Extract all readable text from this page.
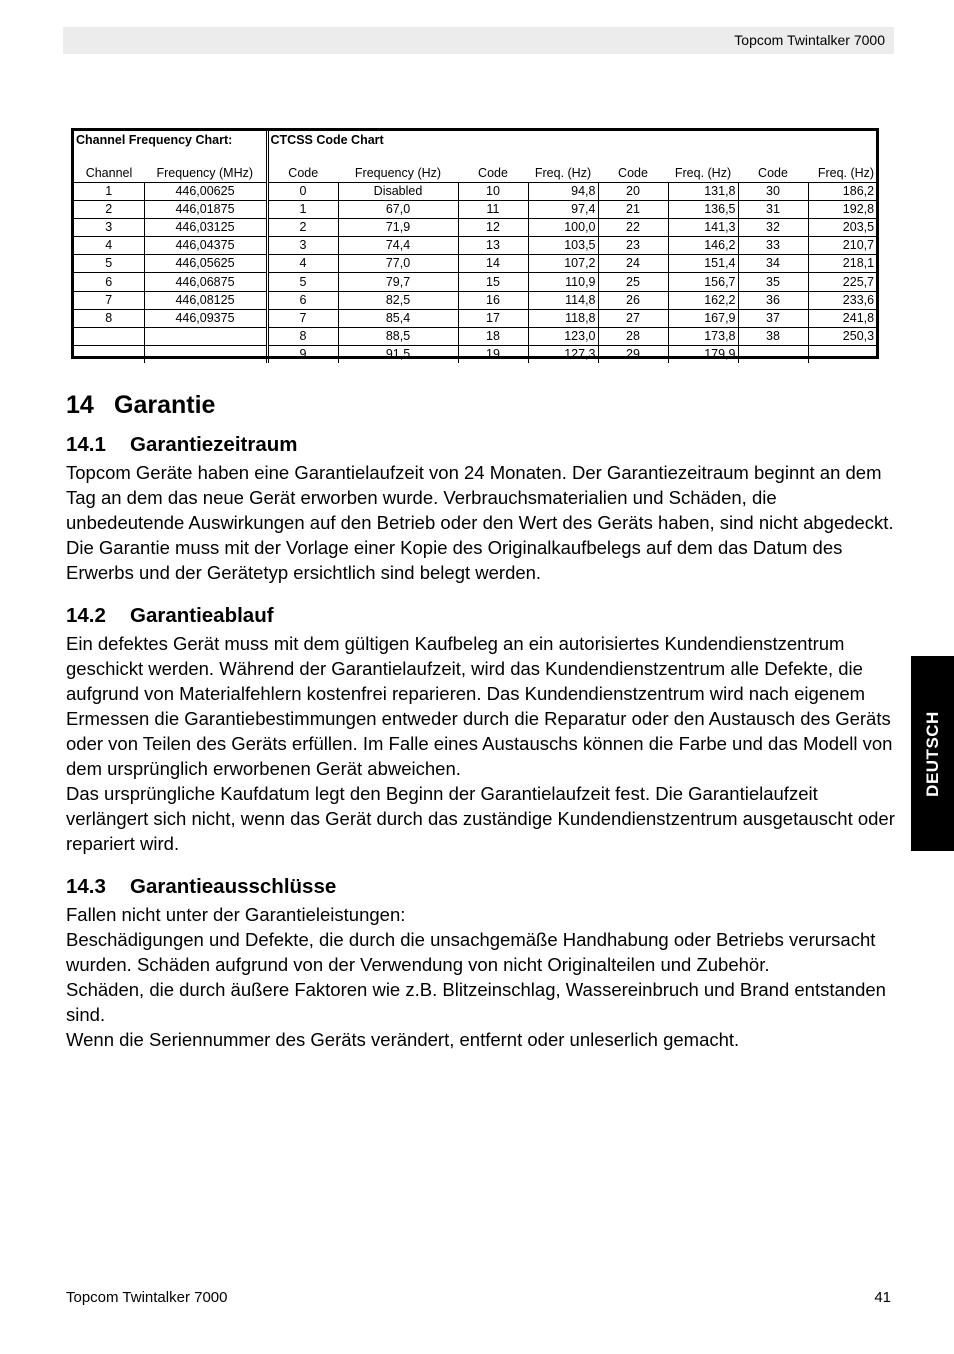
Topcom Twintalker 7000
Channel Frequency Chart:		CTCSS Code Chart							

Channel	Frequency (MHz)	Code	Frequency (Hz)	Code	Freq. (Hz)	Code	Freq. (Hz)	Code	Freq. (Hz)
1	446,00625	0	Disabled	10	94,8	20	131,8	30	186,2
2	446,01875	1	67,0	11	97,4	21	136,5	31	192,8
3	446,03125	2	71,9	12	100,0	22	141,3	32	203,5
4	446,04375	3	74,4	13	103,5	23	146,2	33	210,7
5	446,05625	4	77,0	14	107,2	24	151,4	34	218,1
6	446,06875	5	79,7	15	110,9	25	156,7	35	225,7
7	446,08125	6	82,5	16	114,8	26	162,2	36	233,6
8	446,09375	7	85,4	17	118,8	27	167,9	37	241,8
		8	88,5	18	123,0	28	173,8	38	250,3
		9	91,5	19	127,3	29	179,9		
14 Garantie
14.1 Garantiezeitraum

Topcom Geräte haben eine Garantielaufzeit von 24 Monaten. Der Garantiezeitraum beginnt an dem Tag an dem das neue Gerät erworben wurde. Verbrauchsmaterialien und Schäden, die unbedeutende Auswirkungen auf den Betrieb oder den Wert des Geräts haben, sind nicht abgedeckt.

Die Garantie muss mit der Vorlage einer Kopie des Originalkaufbelegs auf dem das Datum des Erwerbs und der Gerätetyp ersichtlich sind belegt werden.

14.2 Garantieablauf

Ein defektes Gerät muss mit dem gültigen Kaufbeleg an ein autorisiertes Kundendienstzentrum geschickt werden. Während der Garantielaufzeit, wird das Kundendienstzentrum alle Defekte, die aufgrund von Materialfehlern kostenfrei reparieren. Das Kundendienstzentrum wird nach eigenem Ermessen die Garantiebestimmungen entweder durch die Reparatur oder den Austausch des Geräts oder von Teilen des Geräts erfüllen. Im Falle eines Austauschs können die Farbe und das Modell von dem ursprünglich erworbenen Gerät abweichen.

Das ursprüngliche Kaufdatum legt den Beginn der Garantielaufzeit fest. Die Garantielaufzeit verlängert sich nicht, wenn das Gerät durch das zuständige Kundendienstzentrum ausgetauscht oder repariert wird.

14.3 Garantieausschlüsse

Fallen nicht unter der Garantieleistungen:

Beschädigungen und Defekte, die durch die unsachgemäße Handhabung oder Betriebs verursacht wurden. Schäden aufgrund von der Verwendung von nicht Originalteilen und Zubehör.

Schäden, die durch äußere Faktoren wie z.B. Blitzeinschlag, Wassereinbruch und Brand entstanden sind.

Wenn die Seriennummer des Geräts verändert, entfernt oder unleserlich gemacht.

DEUTSCH
Topcom Twintalker 7000	41
